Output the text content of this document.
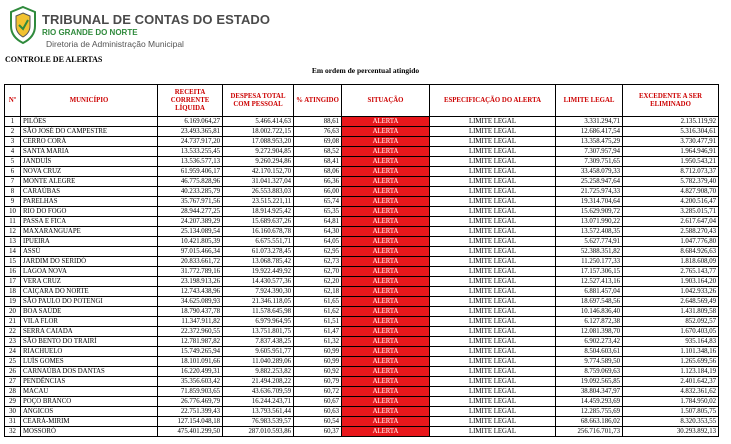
TRIBUNAL DE CONTAS DO ESTADO
RIO GRANDE DO NORTE
Diretoria de Administração Municipal
CONTROLE DE ALERTAS
Em ordem de percentual atingido
Nº	MUNICÍPIO	RECEITA CORRENTE LÍQUIDA	DESPESA TOTAL COM PESSOAL	% ATINGIDO	SITUAÇÃO	ESPECIFICAÇÃO DO ALERTA	LIMITE LEGAL	EXCEDENTE A SER ELIMINADO
1	PILÕES	6.169.064,27	5.466.414,63	88,61	ALERTA	LIMITE LEGAL	3.331.294,71	2.135.119,92
2	SÃO JOSÉ DO CAMPESTRE	23.493.365,81	18.002.722,15	76,63	ALERTA	LIMITE LEGAL	12.686.417,54	5.316.304,61
3	CERRO CORÁ	24.737.917,20	17.088.953,20	69,08	ALERTA	LIMITE LEGAL	13.358.475,29	3.730.477,91
4	SANTA MARIA	13.533.255,45	9.272.904,85	68,52	ALERTA	LIMITE LEGAL	7.307.957,94	1.964.946,91
5	JANDUÍS	13.536.577,13	9.260.294,86	68,41	ALERTA	LIMITE LEGAL	7.309.751,65	1.950.543,21
6	NOVA CRUZ	61.959.406,17	42.170.152,70	68,06	ALERTA	LIMITE LEGAL	33.458.079,33	8.712.073,37
7	MONTE ALEGRE	46.775.828,96	31.041.327,04	66,36	ALERTA	LIMITE LEGAL	25.258.947,64	5.782.379,40
8	CARAÚBAS	40.233.285,79	26.553.883,03	66,00	ALERTA	LIMITE LEGAL	21.725.974,33	4.827.908,70
9	PARELHAS	35.767.971,56	23.515.221,11	65,74	ALERTA	LIMITE LEGAL	19.314.704,64	4.200.516,47
10	RIO DO FOGO	28.944.277,25	18.914.925,42	65,35	ALERTA	LIMITE LEGAL	15.629.909,72	3.285.015,71
11	PASSA E FICA	24.207.389,29	15.689.637,26	64,81	ALERTA	LIMITE LEGAL	13.071.990,22	2.617.647,04
12	MAXARANGUAPE	25.134.089,54	16.160.678,78	64,30	ALERTA	LIMITE LEGAL	13.572.408,35	2.588.270,43
13	IPUEIRA	10.421.805,39	6.675.551,71	64,05	ALERTA	LIMITE LEGAL	5.627.774,91	1.047.776,80
14	ASSÚ	97.015.466,34	61.073.278,45	62,95	ALERTA	LIMITE LEGAL	52.388.351,82	8.684.926,63
15	JARDIM DO SERIDÓ	20.833.661,72	13.068.785,42	62,73	ALERTA	LIMITE LEGAL	11.250.177,33	1.818.608,09
16	LAGOA NOVA	31.772.789,16	19.922.449,92	62,70	ALERTA	LIMITE LEGAL	17.157.306,15	2.765.143,77
17	VERA CRUZ	23.198.913,26	14.430.577,36	62,20	ALERTA	LIMITE LEGAL	12.527.413,16	1.903.164,20
18	CAIÇARA DO NORTE	12.743.438,96	7.924.390,30	62,18	ALERTA	LIMITE LEGAL	6.881.457,04	1.042.933,26
19	SÃO PAULO DO POTENGI	34.625.089,93	21.346.118,05	61,65	ALERTA	LIMITE LEGAL	18.697.548,56	2.648.569,49
20	BOA SAÚDE	18.790.437,78	11.578.645,98	61,62	ALERTA	LIMITE LEGAL	10.146.836,40	1.431.809,58
21	VILA FLOR	11.347.911,82	6.979.964,95	61,51	ALERTA	LIMITE LEGAL	6.127.872,38	852.092,57
22	SERRA CAIADA	22.372.960,55	13.751.801,75	61,47	ALERTA	LIMITE LEGAL	12.081.398,70	1.670.403,05
23	SÃO BENTO DO TRAIRÍ	12.781.987,82	7.837.438,25	61,32	ALERTA	LIMITE LEGAL	6.902.273,42	935.164,83
24	RIACHUELO	15.749.265,94	9.605.951,77	60,99	ALERTA	LIMITE LEGAL	8.504.603,61	1.101.348,16
25	LUÍS GOMES	18.101.091,66	11.040.289,06	60,99	ALERTA	LIMITE LEGAL	9.774.589,50	1.265.699,56
26	CARNAÚBA DOS DANTAS	16.220.499,31	9.882.253,82	60,92	ALERTA	LIMITE LEGAL	8.759.069,63	1.123.184,19
27	PENDÊNCIAS	35.356.603,42	21.494.208,22	60,79	ALERTA	LIMITE LEGAL	19.092.565,85	2.401.642,37
28	MACAU	71.859.903,65	43.636.709,59	60,72	ALERTA	LIMITE LEGAL	38.804.347,97	4.832.361,62
29	POÇO BRANCO	26.776.469,79	16.244.243,71	60,67	ALERTA	LIMITE LEGAL	14.459.293,69	1.784.950,02
30	ANGICOS	22.751.399,43	13.793.561,44	60,63	ALERTA	LIMITE LEGAL	12.285.755,69	1.507.805,75
31	CEARÁ-MIRIM	127.154.048,18	76.983.539,57	60,54	ALERTA	LIMITE LEGAL	68.663.186,02	8.320.353,55
32	MOSSORÓ	475.401.299,50	287.010.593,86	60,37	ALERTA	LIMITE LEGAL	256.716.701,73	30.293.892,13
